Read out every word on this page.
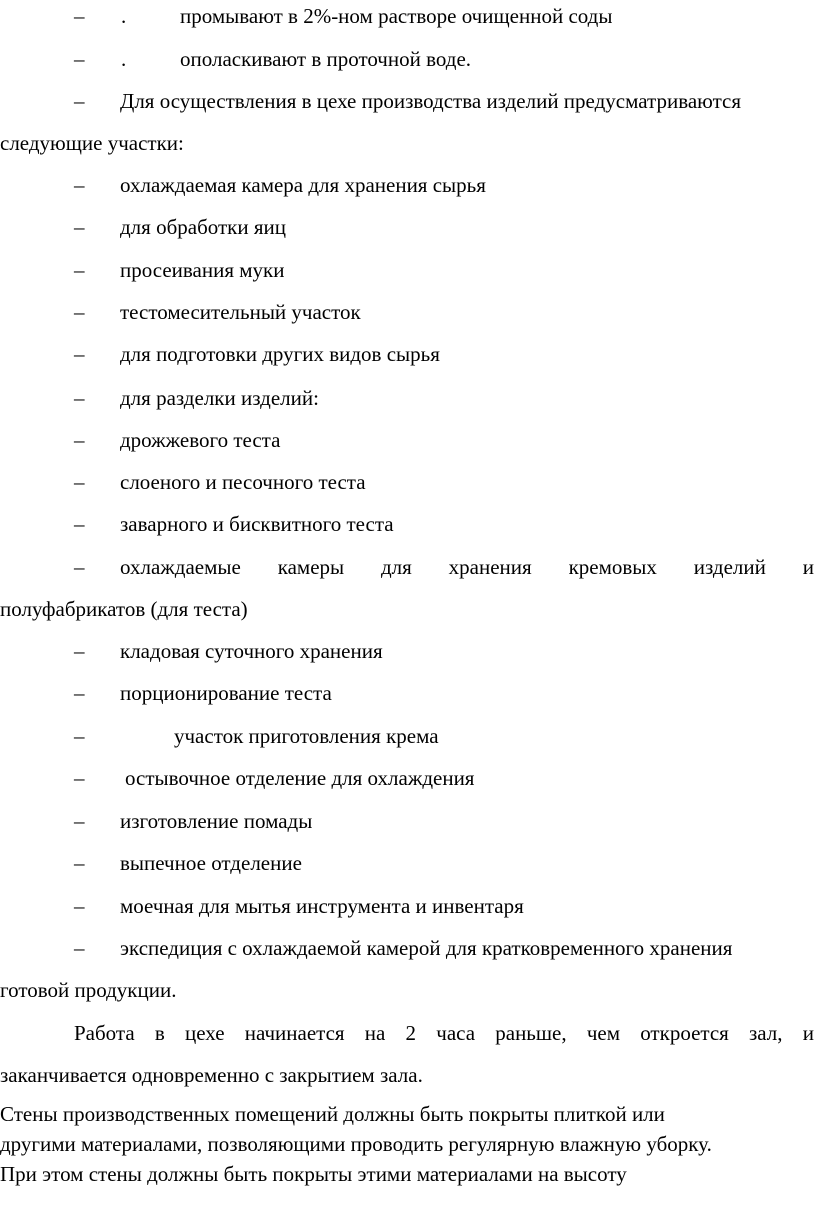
– .	промывают в 2%-ном растворе очищенной соды
– .	ополаскивают в проточной воде.
– Для осуществления в цехе производства изделий предусматриваются
следующие участки:
– охлаждаемая камера для хранения сырья
– для обработки яиц
– просеивания муки
– тестомесительный участок
– для подготовки других видов сырья
– для разделки изделий:
– дрожжевого теста
– слоеного и песочного теста
– заварного и бисквитного теста
– охлаждаемые камеры для хранения кремовых изделий и
полуфабрикатов (для теста)
– кладовая суточного хранения
– порционирование теста
–	участок приготовления крема
– остывочное отделение для охлаждения
– изготовление помады
– выпечное отделение
– моечная для мытья инструмента и инвентаря
– экспедиция с охлаждаемой камерой для кратковременного хранения
готовой продукции.
Работа в цехе начинается на 2 часа раньше, чем откроется зал, и
заканчивается одновременно с закрытием зала.
Стены производственных помещений должны быть покрыты плиткой или
другими материалами, позволяющими проводить регулярную влажную уборку.
При этом стены должны быть покрыты этими материалами на высоту
